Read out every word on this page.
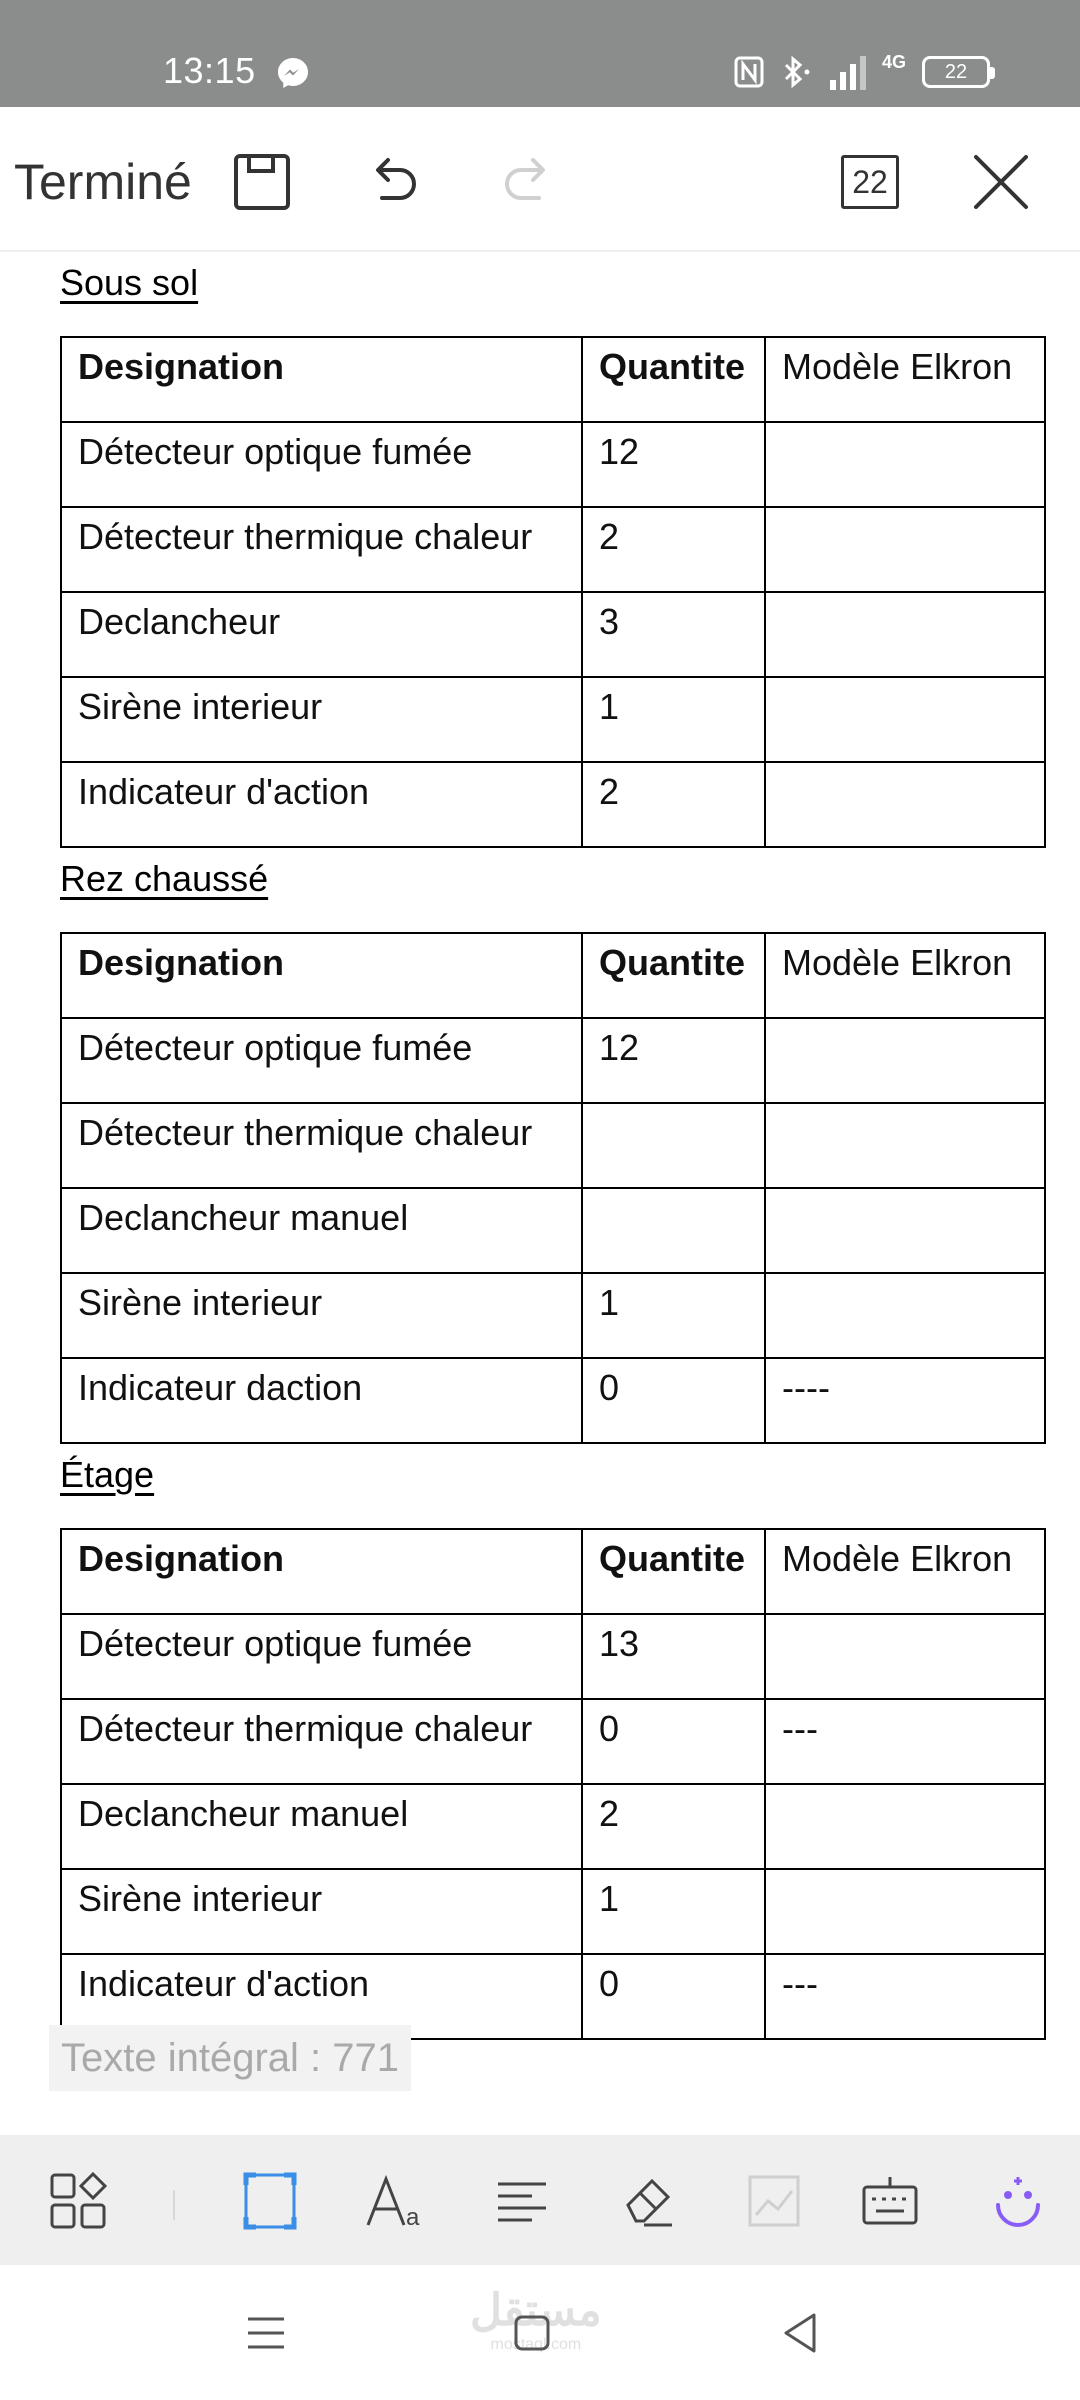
13:15	4G 22
Terminé	22
Sous sol
Designation	Quantite	Modèle Elkron
Détecteur optique fumée	12	
Détecteur thermique chaleur	2	
Declancheur	3	
Sirène interieur	1	
Indicateur d'action	2	
Rez chaussé
Designation	Quantite	Modèle Elkron
Détecteur optique fumée	12	
Détecteur thermique chaleur		
Declancheur manuel		
Sirène interieur	1	
Indicateur daction	0	----
Étage
Designation	Quantite	Modèle Elkron
Détecteur optique fumée	13	
Détecteur thermique chaleur	0	---
Declancheur manuel	2	
Sirène interieur	1	
Indicateur d'action	0	---
Texte intégral : 771
a
مستقل
mostaql.com
